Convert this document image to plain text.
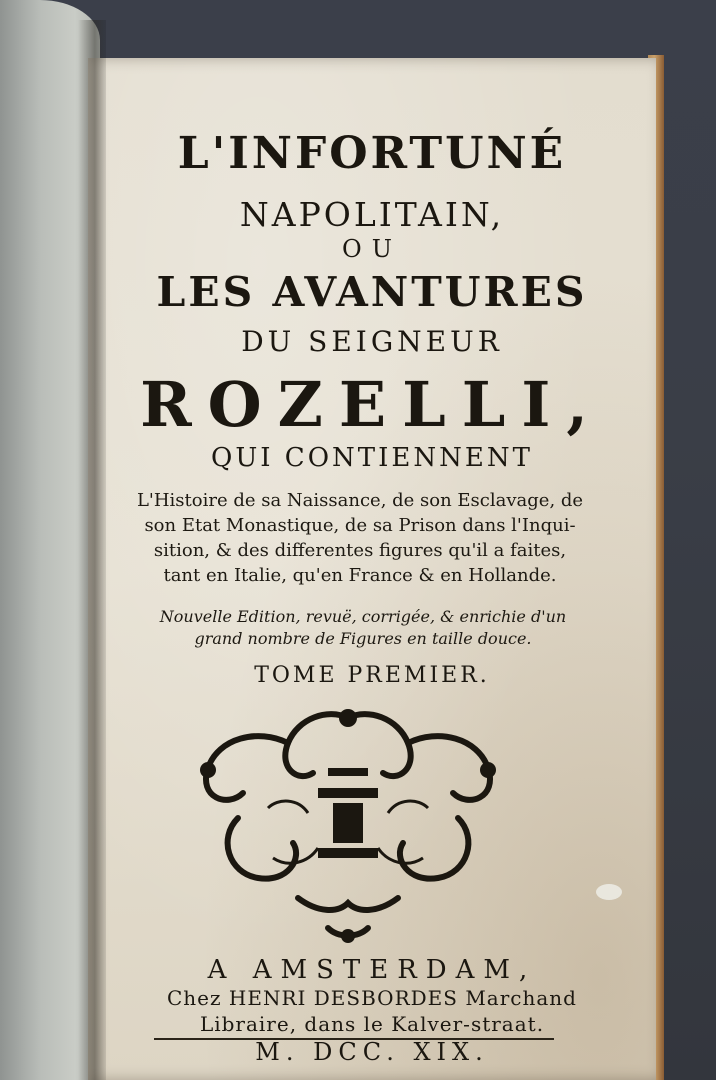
L'INFORTUNÉ
NAPOLITAIN,
OU
LES AVANTURES
DU SEIGNEUR
ROZELLI,
QUI CONTIENNENT
L'Histoire de sa Naissance, de son Esclavage, de
son Etat Monastique, de sa Prison dans l'Inqui-
sition, & des differentes figures qu'il a faites,
tant en Italie, qu'en France & en Hollande.
Nouvelle Edition, revuë, corrigée, & enrichie d'un
grand nombre de Figures en taille douce.
TOME PREMIER.
A AMSTERDAM,
Chez HENRI DESBORDES Marchand
Libraire, dans le Kalver-straat.
M. DCC. XIX.
